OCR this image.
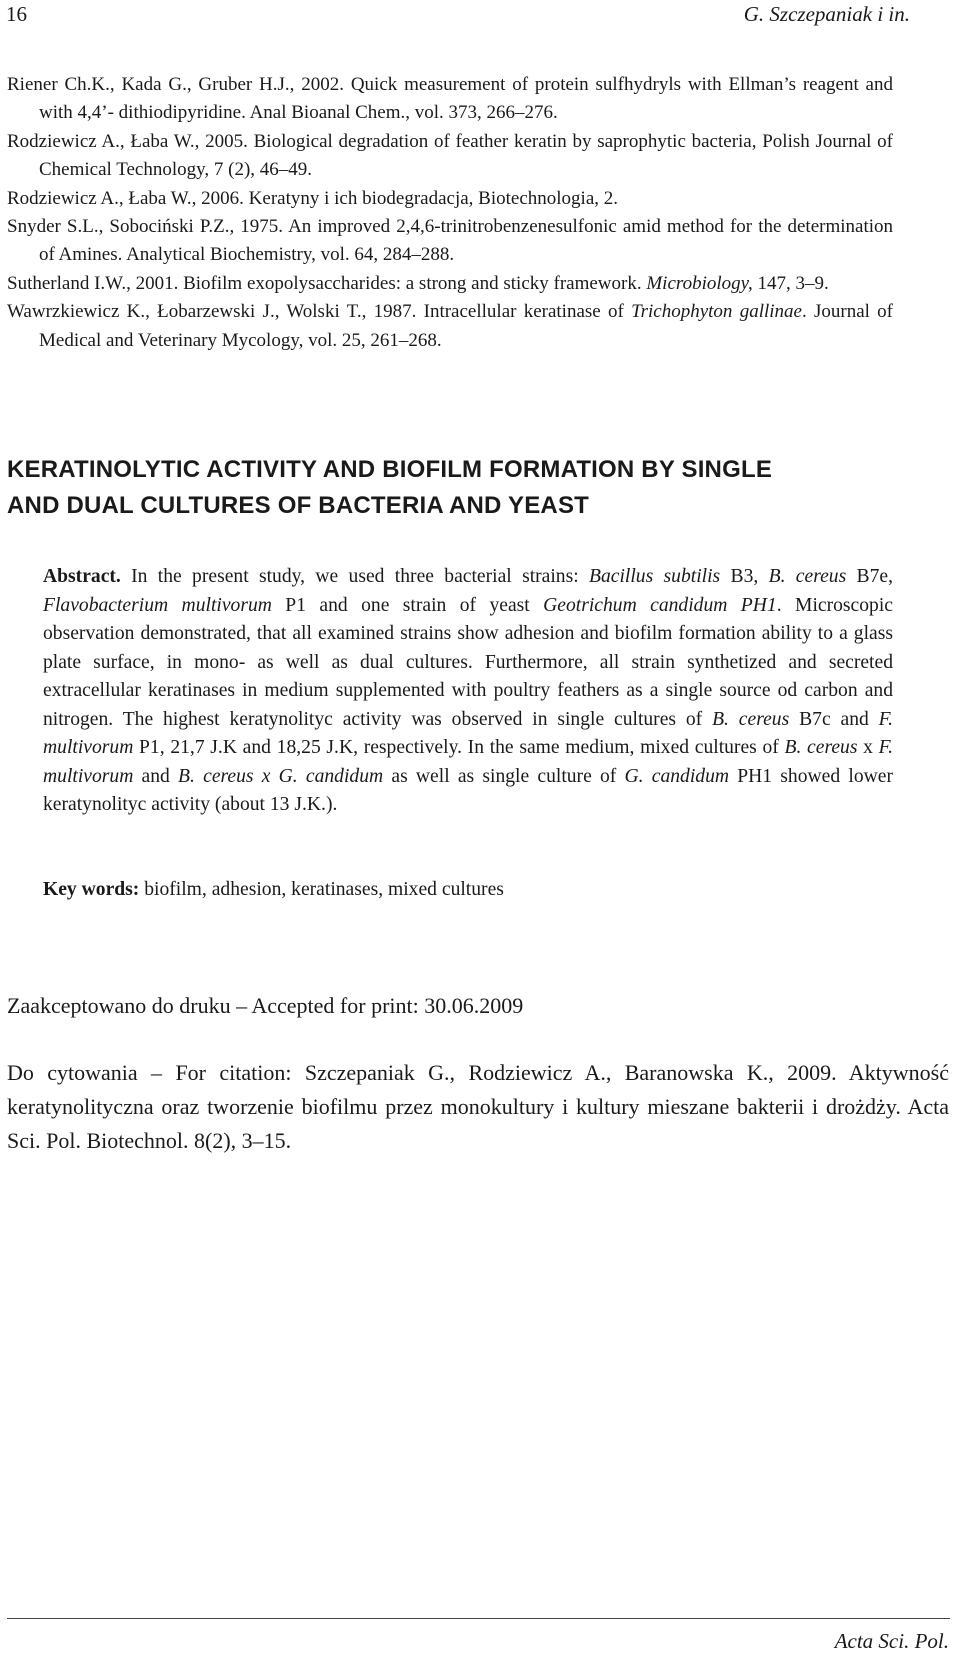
16	G. Szczepaniak i in.

Riener Ch.K., Kada G., Gruber H.J., 2002. Quick measurement of protein sulfhydryls with Ellman’s reagent and with 4,4’- dithiodipyridine. Anal Bioanal Chem., vol. 373, 266–276.

Rodziewicz A., Łaba W., 2005. Biological degradation of feather keratin by saprophytic bacteria, Polish Journal of Chemical Technology, 7 (2), 46–49.

Rodziewicz A., Łaba W., 2006. Keratyny i ich biodegradacja, Biotechnologia, 2.

Snyder S.L., Sobociński P.Z., 1975. An improved 2,4,6-trinitrobenzenesulfonic amid method for the determination of Amines. Analytical Biochemistry, vol. 64, 284–288.

Sutherland I.W., 2001. Biofilm exopolysaccharides: a strong and sticky framework. Microbiology, 147, 3–9.

Wawrzkiewicz K., Łobarzewski J., Wolski T., 1987. Intracellular keratinase of Trichophyton gallinae. Journal of Medical and Veterinary Mycology, vol. 25, 261–268.

KERATINOLYTIC ACTIVITY AND BIOFILM FORMATION BY SINGLE
AND DUAL CULTURES OF BACTERIA AND YEAST

Abstract. In the present study, we used three bacterial strains: Bacillus subtilis B3, B. cereus B7e, Flavobacterium multivorum P1 and one strain of yeast Geotrichum candidum PH1. Microscopic observation demonstrated, that all examined strains show adhesion and biofilm formation ability to a glass plate surface, in mono- as well as dual cultures. Furthermore, all strain synthetized and secreted extracellular keratinases in medium supplemented with poultry feathers as a single source od carbon and nitrogen. The highest keratynolityc activity was observed in single cultures of B. cereus B7c and F. multivorum P1, 21,7 J.K and 18,25 J.K, respectively. In the same medium, mixed cultures of B. cereus x F. multivorum and B. cereus x G. candidum as well as single culture of G. candidum PH1 showed lower keratynolityc activity (about 13 J.K.).

Key words: biofilm, adhesion, keratinases, mixed cultures

Zaakceptowano do druku – Accepted for print: 30.06.2009

Do cytowania – For citation: Szczepaniak G., Rodziewicz A., Baranowska K., 2009. Aktywność keratynolityczna oraz tworzenie biofilmu przez monokultury i kultury mieszane bakterii i drożdży. Acta Sci. Pol. Biotechnol. 8(2), 3–15.

Acta Sci. Pol.
